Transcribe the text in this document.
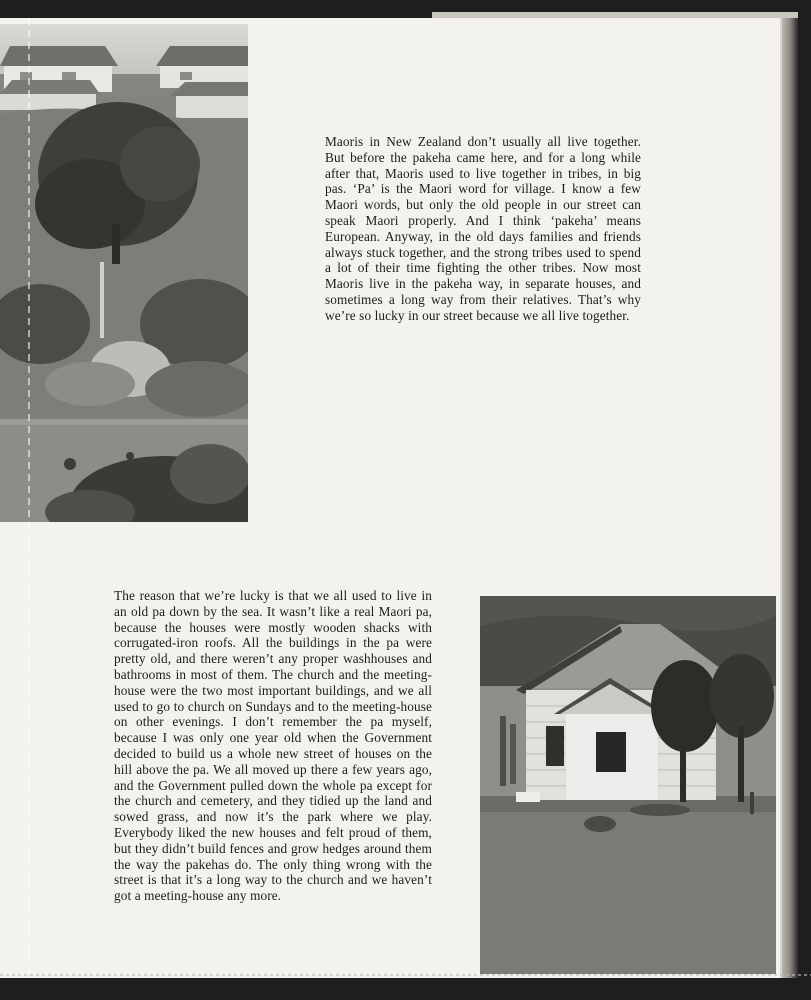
Maoris in New Zealand don’t usually all live together. But before the pakeha came here, and for a long while after that, Maoris used to live together in tribes, in big pas. ‘Pa’ is the Maori word for village. I know a few Maori words, but only the old people in our street can speak Maori properly. And I think ‘pakeha’ means European. Anyway, in the old days families and friends always stuck together, and the strong tribes used to spend a lot of their time fighting the other tribes. Now most Maoris live in the pakeha way, in separate houses, and sometimes a long way from their relatives. That’s why we’re so lucky in our street because we all live together.

The reason that we’re lucky is that we all used to live in an old pa down by the sea. It wasn’t like a real Maori pa, because the houses were mostly wooden shacks with corrugated-iron roofs. All the buildings in the pa were pretty old, and there weren’t any proper washhouses and bathrooms in most of them. The church and the meeting-house were the two most important buildings, and we all used to go to church on Sundays and to the meeting-house on other evenings. I don’t remember the pa myself, because I was only one year old when the Government decided to build us a whole new street of houses on the hill above the pa. We all moved up there a few years ago, and the Government pulled down the whole pa except for the church and cemetery, and they tidied up the land and sowed grass, and now it’s the park where we play. Everybody liked the new houses and felt proud of them, but they didn’t build fences and grow hedges around them the way the pakehas do. The only thing wrong with the street is that it’s a long way to the church and we haven’t got a meeting-house any more.
